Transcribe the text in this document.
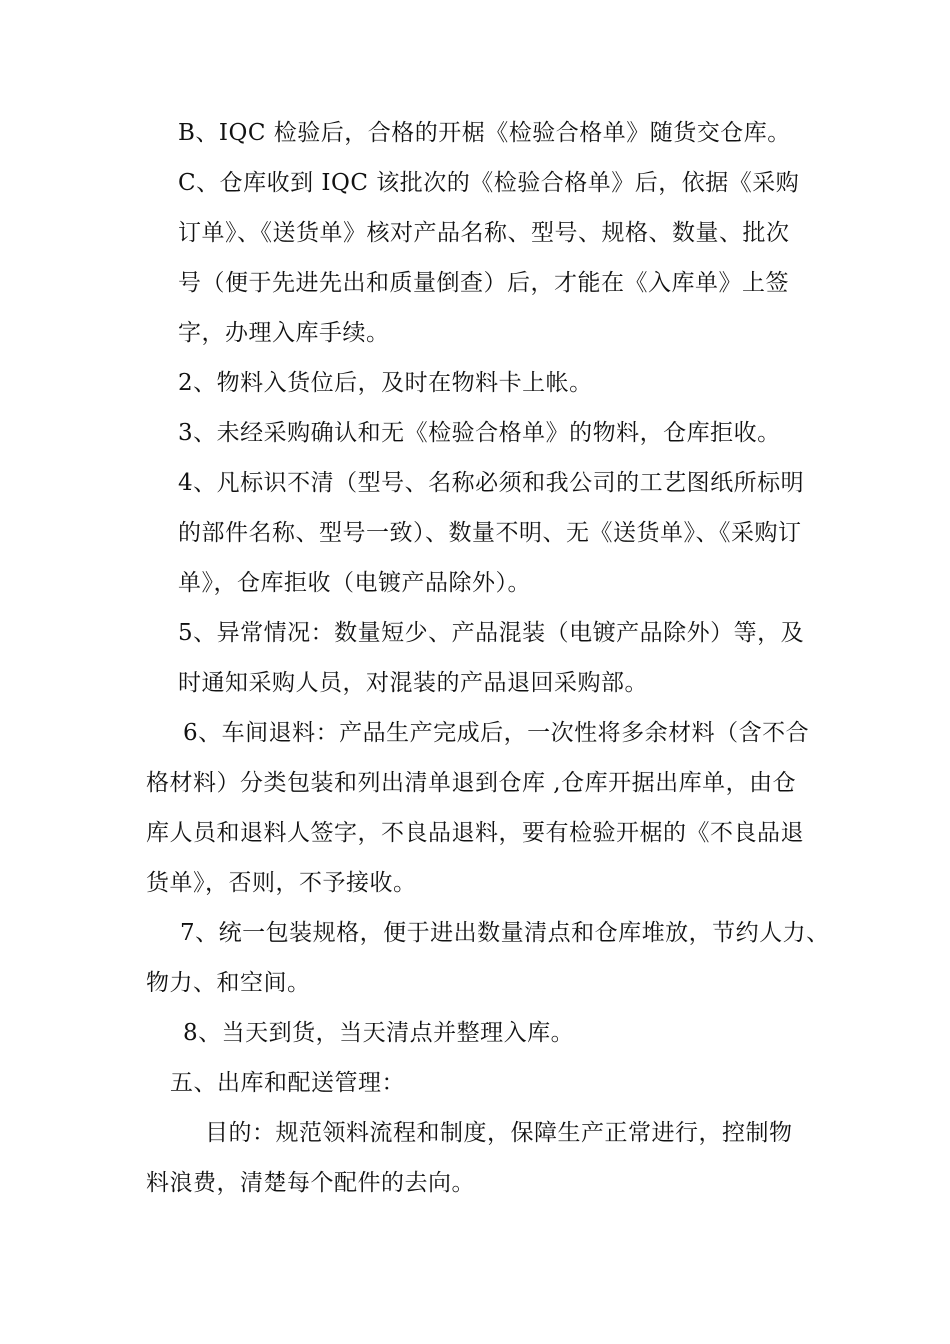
B、IQC 检验后，合格的开椐《检验合格单》随货交仓库。
C、仓库收到 IQC 该批次的《检验合格单》后，依据《采购
订单》、《送货单》核对产品名称、型号、规格、数量、批次
号（便于先进先出和质量倒查）后，才能在《入库单》上签
字，办理入库手续。
2、物料入货位后，及时在物料卡上帐。
3、未经采购确认和无《检验合格单》的物料，仓库拒收。
4、凡标识不清（型号、名称必须和我公司的工艺图纸所标明
的部件名称、型号一致）、数量不明、无《送货单》、《采购订
单》，仓库拒收（电镀产品除外）。
5、异常情况：数量短少、产品混装（电镀产品除外）等，及
时通知采购人员，对混装的产品退回采购部。
6、车间退料：产品生产完成后，一次性将多余材料（含不合
格材料）分类包装和列出清单退到仓库 ,仓库开据出库单，由仓
库人员和退料人签字，不良品退料，要有检验开椐的《不良品退
货单》，否则，不予接收。
7、统一包装规格，便于进出数量清点和仓库堆放，节约人力、
物力、和空间。
8、当天到货，当天清点并整理入库。
五、出库和配送管理：
目的：规范领料流程和制度，保障生产正常进行，控制物
料浪费，清楚每个配件的去向。
